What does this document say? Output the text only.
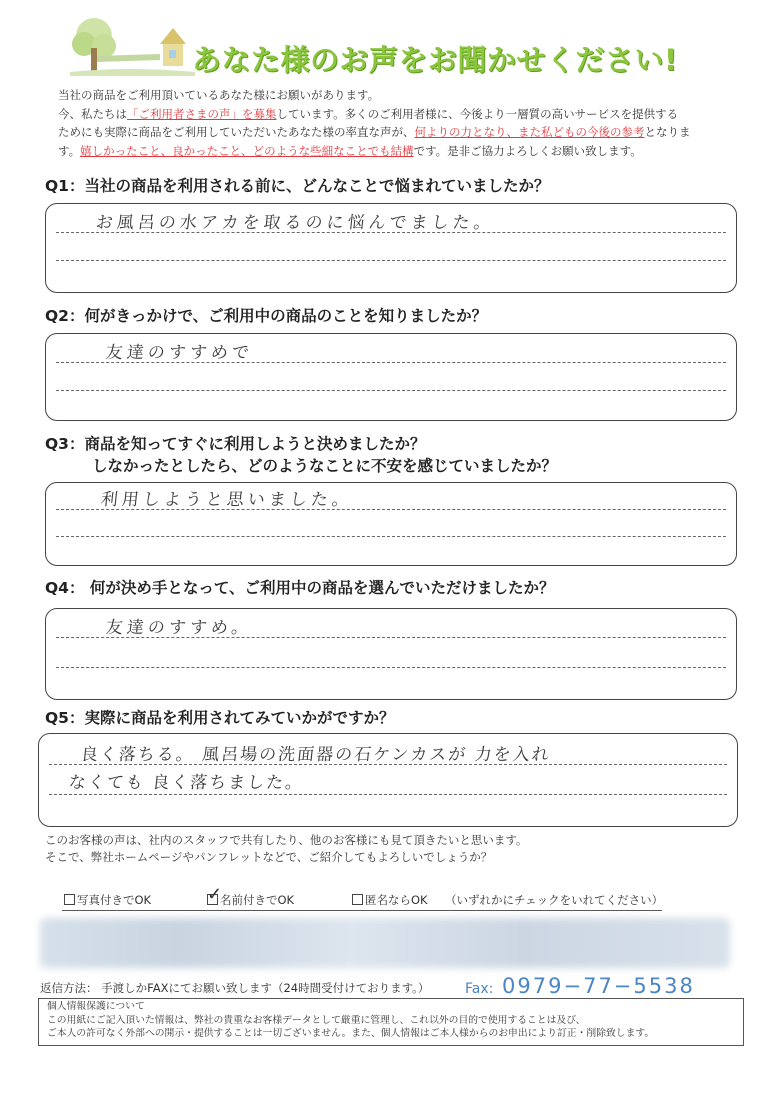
あなた様のお声をお聞かせください!
当社の商品をご利用頂いているあなた様にお願いがあります。
今、私たちは「ご利用者さまの声」を募集しています。多くのご利用者様に、今後より一層質の高いサービスを提供する
ためにも実際に商品をご利用していただいたあなた様の率直な声が、何よりの力となり、また私どもの今後の参考となりま
す。嬉しかったこと、良かったこと、どのような些細なことでも結構です。是非ご協力よろしくお願い致します。
Q1：当社の商品を利用される前に、どんなことで悩まれていましたか？
お風呂の水アカを取るのに悩んでました。
Q2：何がきっかけで、ご利用中の商品のことを知りましたか？
友達のすすめで
Q3：商品を知ってすぐに利用しようと決めましたか？
しなかったとしたら、どのようなことに不安を感じていましたか？
利用しようと思いました。
Q4： 何が決め手となって、ご利用中の商品を選んでいただけましたか？
友達のすすめ。
Q5：実際に商品を利用されてみていかがですか？
良く落ちる。 風呂場の洗面器の石ケンカスが 力を入れ
なくても 良く落ちました。
このお客様の声は、社内のスタッフで共有したり、他のお客様にも見て頂きたいと思います。
そこで、弊社ホームページやパンフレットなどで、ご紹介してもよろしいでしょうか？
写真付きでOK	名前付きでOK
✓	匿名ならOK （いずれかにチェックをいれてください）
返信方法： 手渡しかFAXにてお願い致します（24時間受付けております。）	Fax: 0979−77−5538
個人情報保護について
この用紙にご記入頂いた情報は、弊社の貴重なお客様データとして厳重に管理し、これ以外の目的で使用することは及び、
ご本人の許可なく外部への開示・提供することは一切ございません。また、個人情報はご本人様からのお申出により訂正・削除致します。
